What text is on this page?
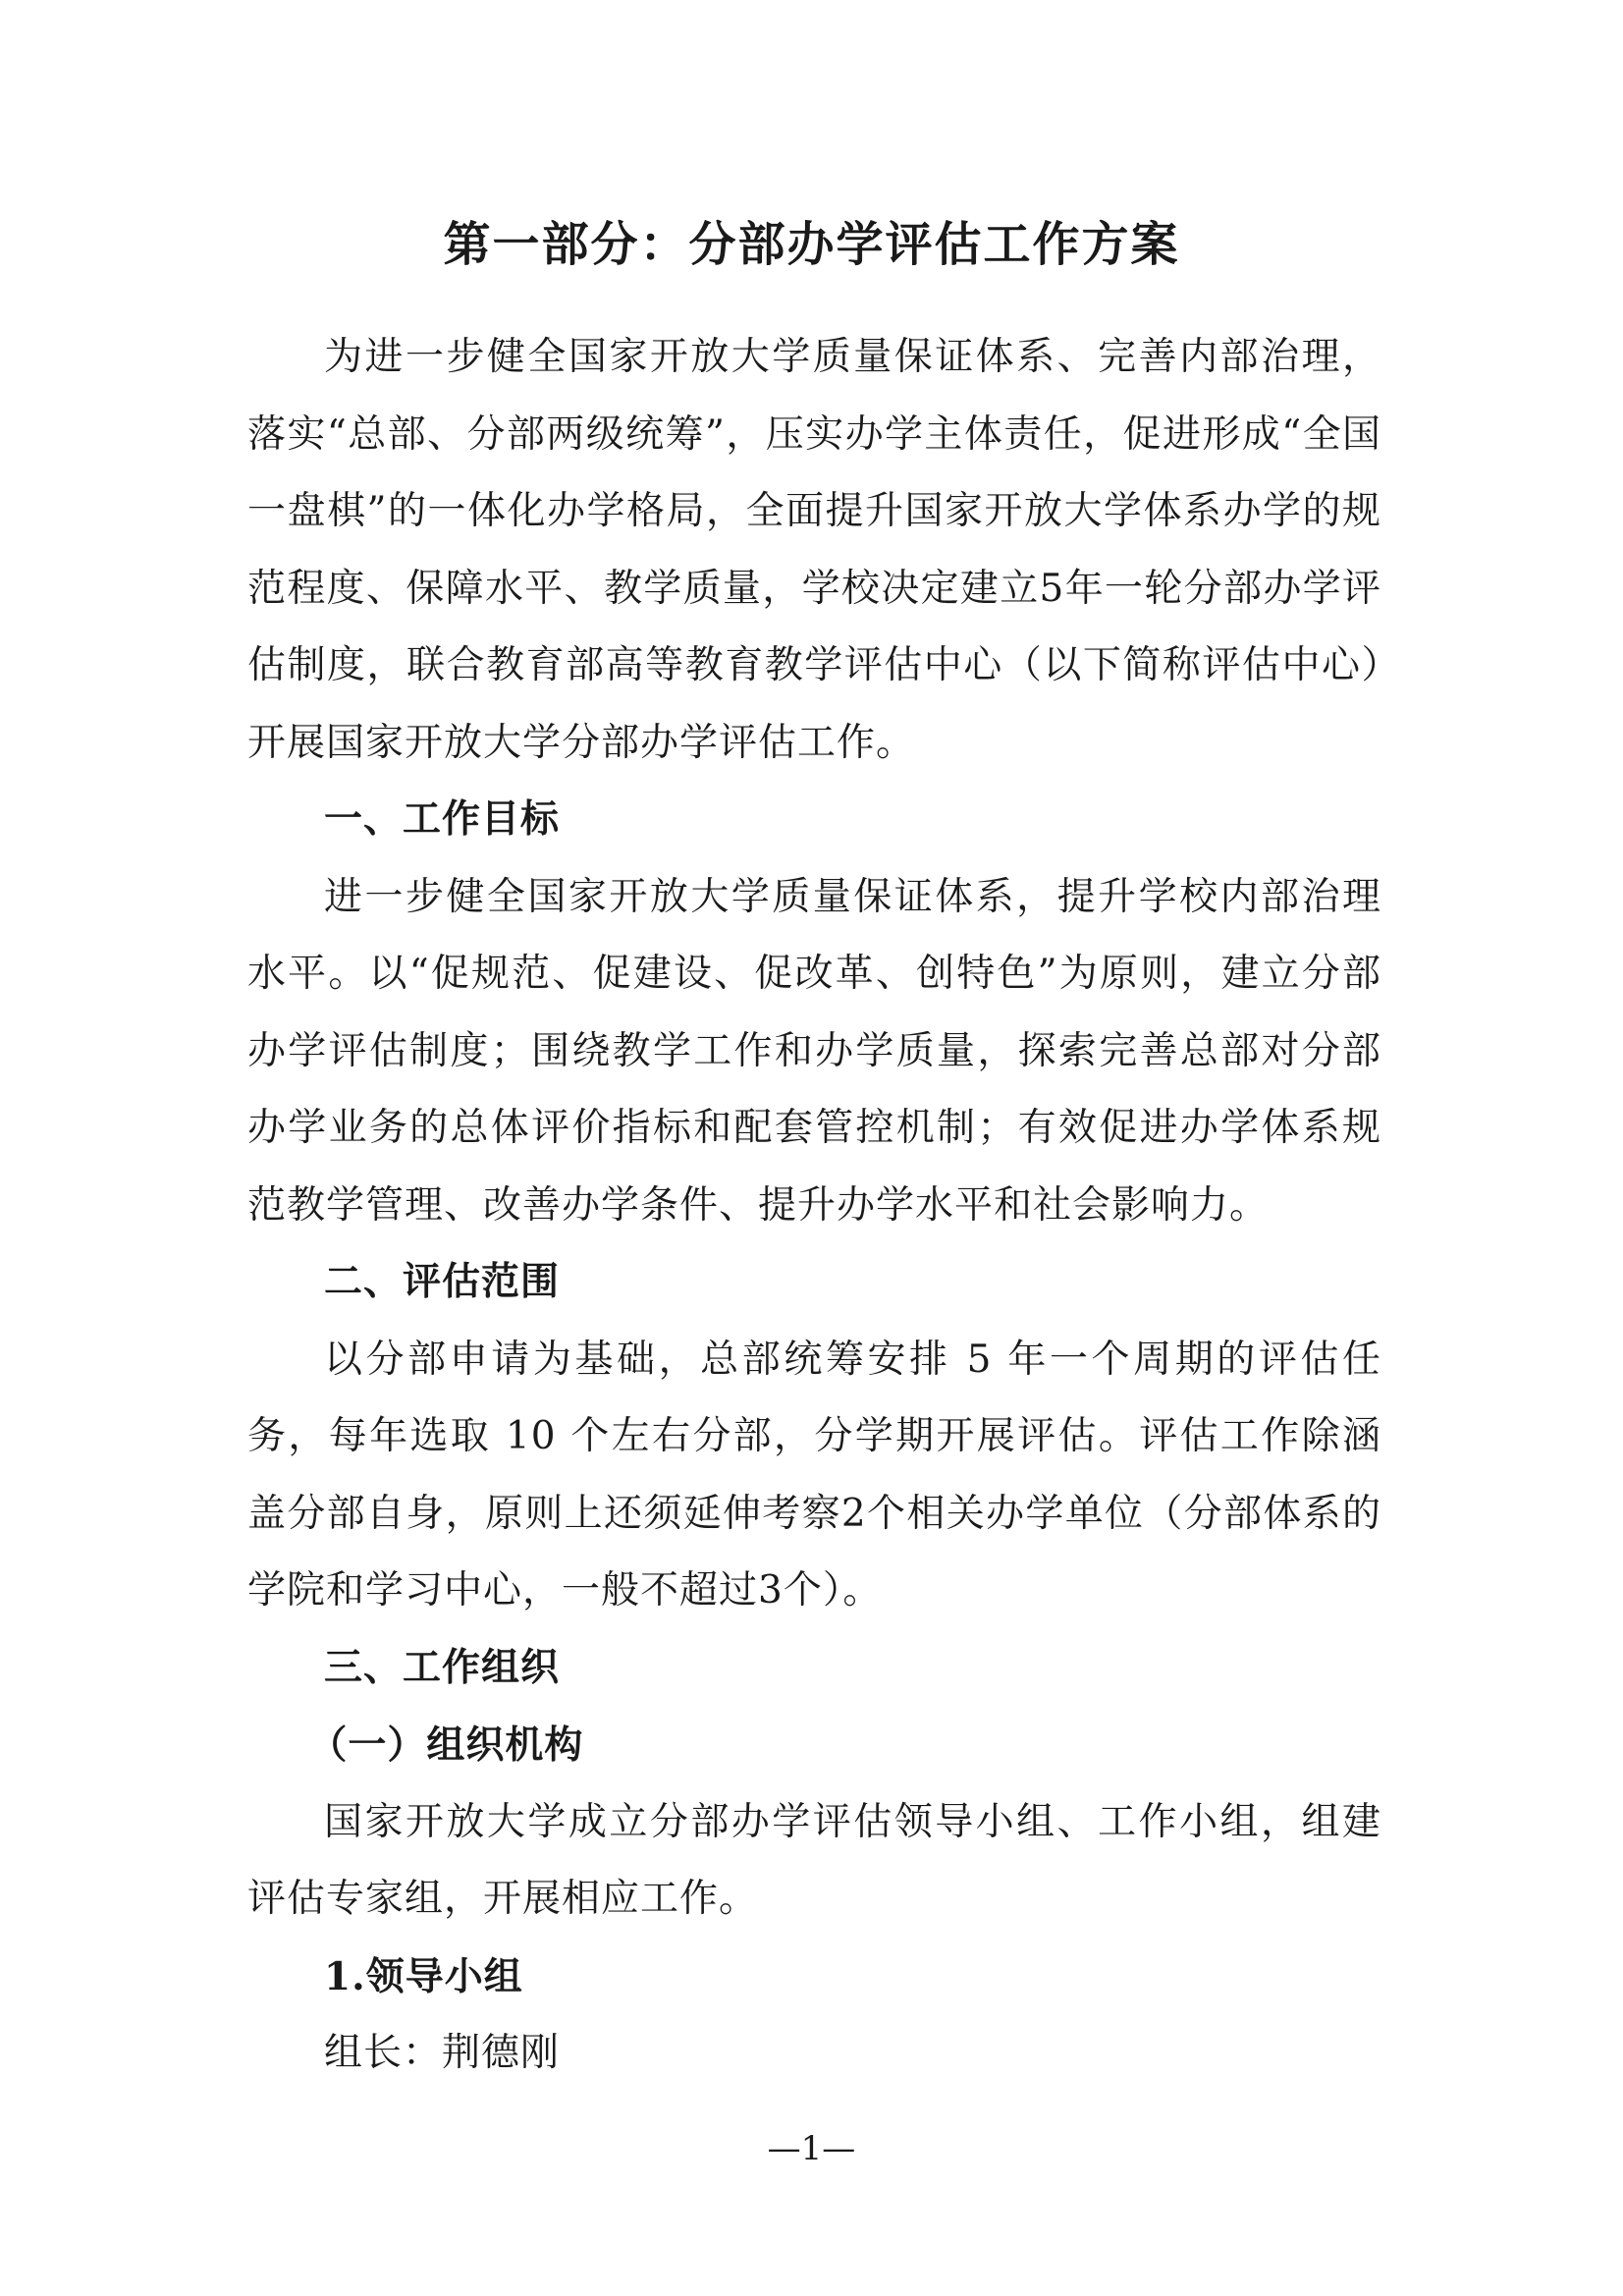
第一部分：分部办学评估工作方案

为进一步健全国家开放大学质量保证体系、完善内部治理，落实“总部、分部两级统筹”，压实办学主体责任，促进形成“全国一盘棋”的一体化办学格局，全面提升国家开放大学体系办学的规范程度、保障水平、教学质量，学校决定建立5年一轮分部办学评估制度，联合教育部高等教育教学评估中心（以下简称评估中心）开展国家开放大学分部办学评估工作。

一、工作目标

进一步健全国家开放大学质量保证体系，提升学校内部治理水平。以“促规范、促建设、促改革、创特色”为原则，建立分部办学评估制度；围绕教学工作和办学质量，探索完善总部对分部办学业务的总体评价指标和配套管控机制；有效促进办学体系规范教学管理、改善办学条件、提升办学水平和社会影响力。

二、评估范围

以分部申请为基础，总部统筹安排 5 年一个周期的评估任务，每年选取 10 个左右分部，分学期开展评估。评估工作除涵盖分部自身，原则上还须延伸考察2个相关办学单位（分部体系的学院和学习中心，一般不超过3个）。

三、工作组织

（一）组织机构

国家开放大学成立分部办学评估领导小组、工作小组，组建评估专家组，开展相应工作。

1.领导小组

组长：荆德刚

—1—
